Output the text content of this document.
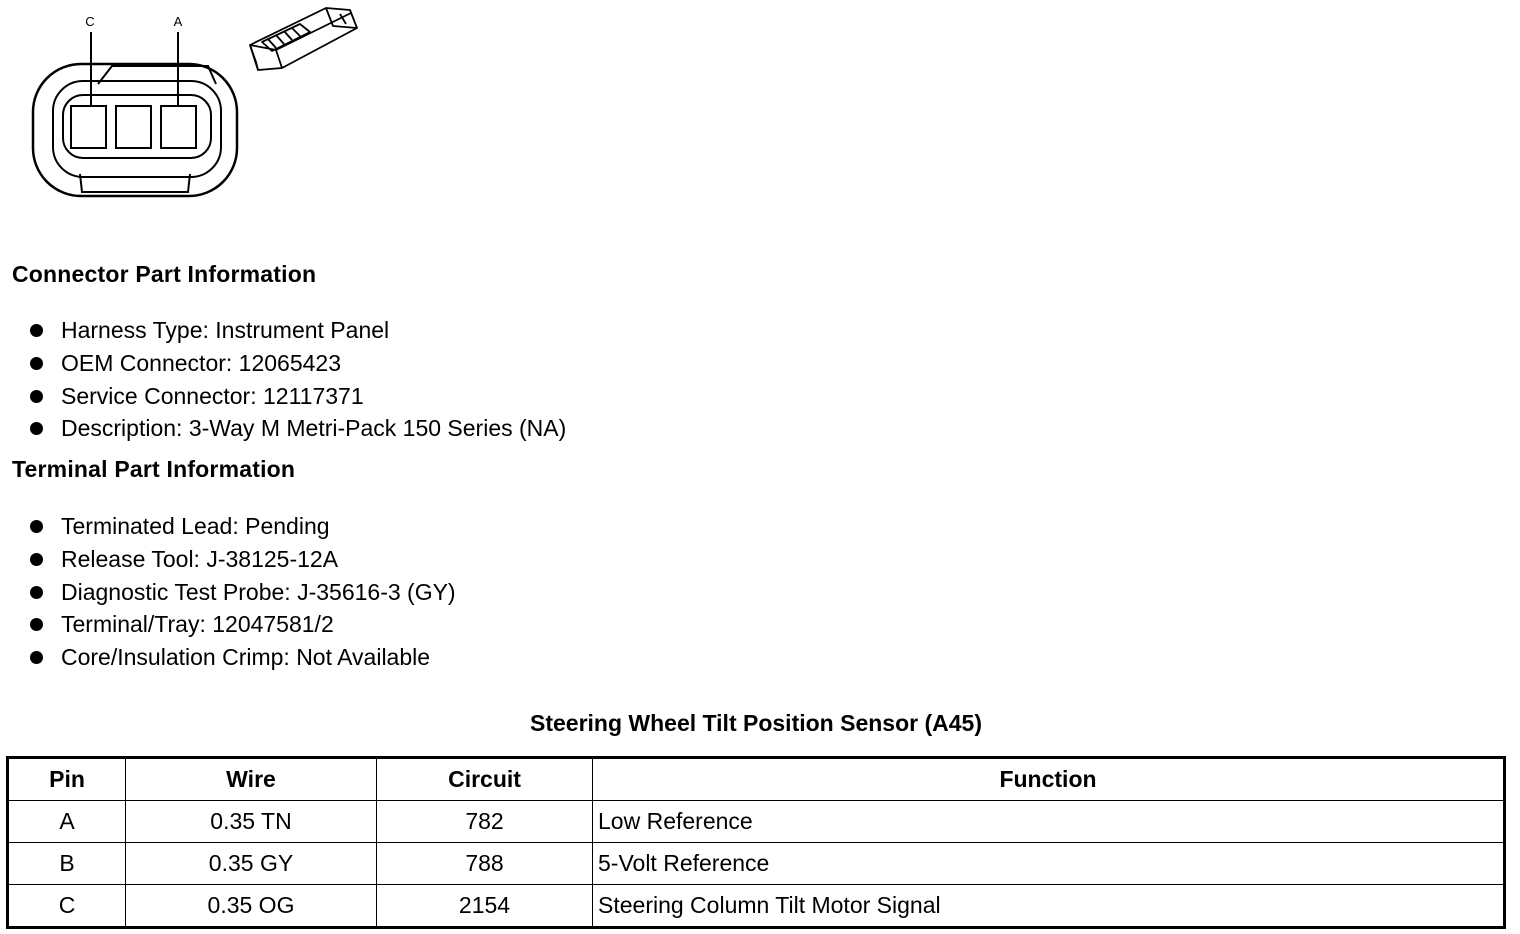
C	A
Connector Part Information
Harness Type: Instrument Panel
OEM Connector: 12065423
Service Connector: 12117371
Description: 3-Way M Metri-Pack 150 Series (NA)
Terminal Part Information
Terminated Lead: Pending
Release Tool: J-38125-12A
Diagnostic Test Probe: J-35616-3 (GY)
Terminal/Tray: 12047581/2
Core/Insulation Crimp: Not Available
Steering Wheel Tilt Position Sensor (A45)
Pin	Wire	Circuit	Function
A	0.35 TN	782	Low Reference
B	0.35 GY	788	5-Volt Reference
C	0.35 OG	2154	Steering Column Tilt Motor Signal
